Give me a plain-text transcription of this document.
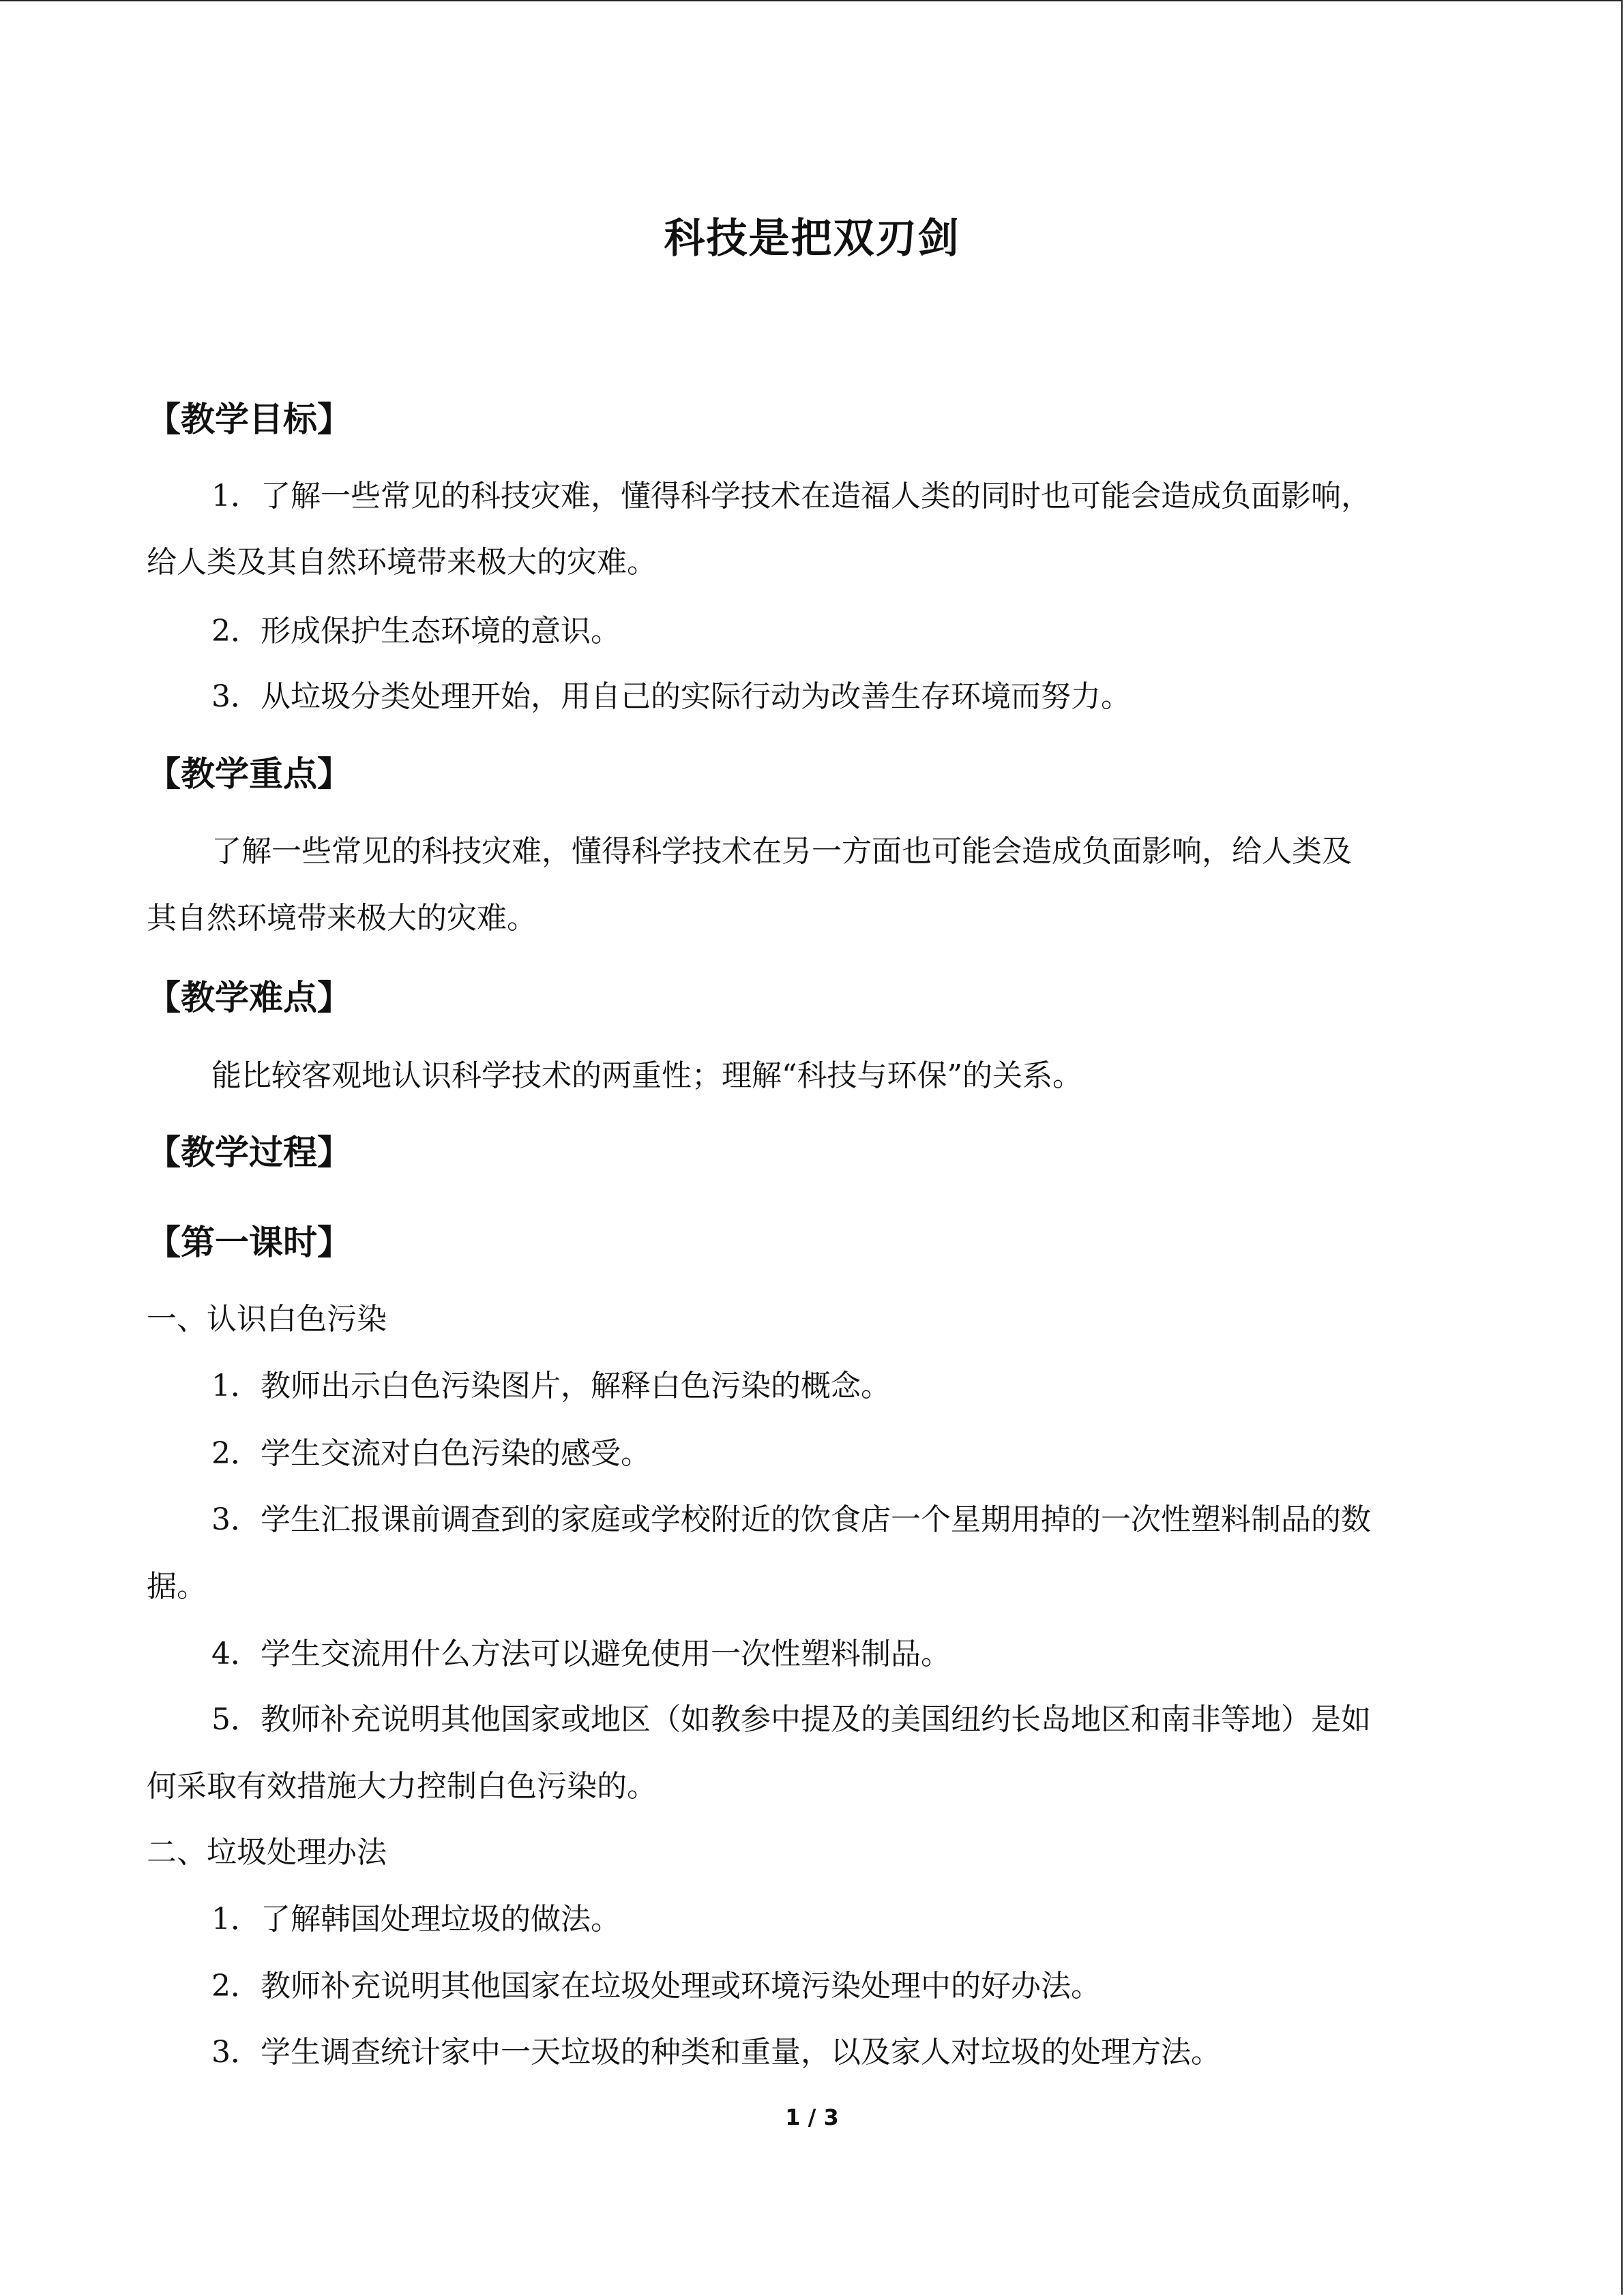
科技是把双刃剑
【教学目标】
1．了解一些常见的科技灾难，懂得科学技术在造福人类的同时也可能会造成负面影响，
给人类及其自然环境带来极大的灾难。
2．形成保护生态环境的意识。
3．从垃圾分类处理开始，用自己的实际行动为改善生存环境而努力。
【教学重点】
了解一些常见的科技灾难，懂得科学技术在另一方面也可能会造成负面影响，给人类及
其自然环境带来极大的灾难。
【教学难点】
能比较客观地认识科学技术的两重性；理解“科技与环保”的关系。
【教学过程】
【第一课时】
一、认识白色污染
1．教师出示白色污染图片，解释白色污染的概念。
2．学生交流对白色污染的感受。
3．学生汇报课前调查到的家庭或学校附近的饮食店一个星期用掉的一次性塑料制品的数
据。
4．学生交流用什么方法可以避免使用一次性塑料制品。
5．教师补充说明其他国家或地区（如教参中提及的美国纽约长岛地区和南非等地）是如
何采取有效措施大力控制白色污染的。
二、垃圾处理办法
1．了解韩国处理垃圾的做法。
2．教师补充说明其他国家在垃圾处理或环境污染处理中的好办法。
3．学生调查统计家中一天垃圾的种类和重量，以及家人对垃圾的处理方法。
1 / 3
